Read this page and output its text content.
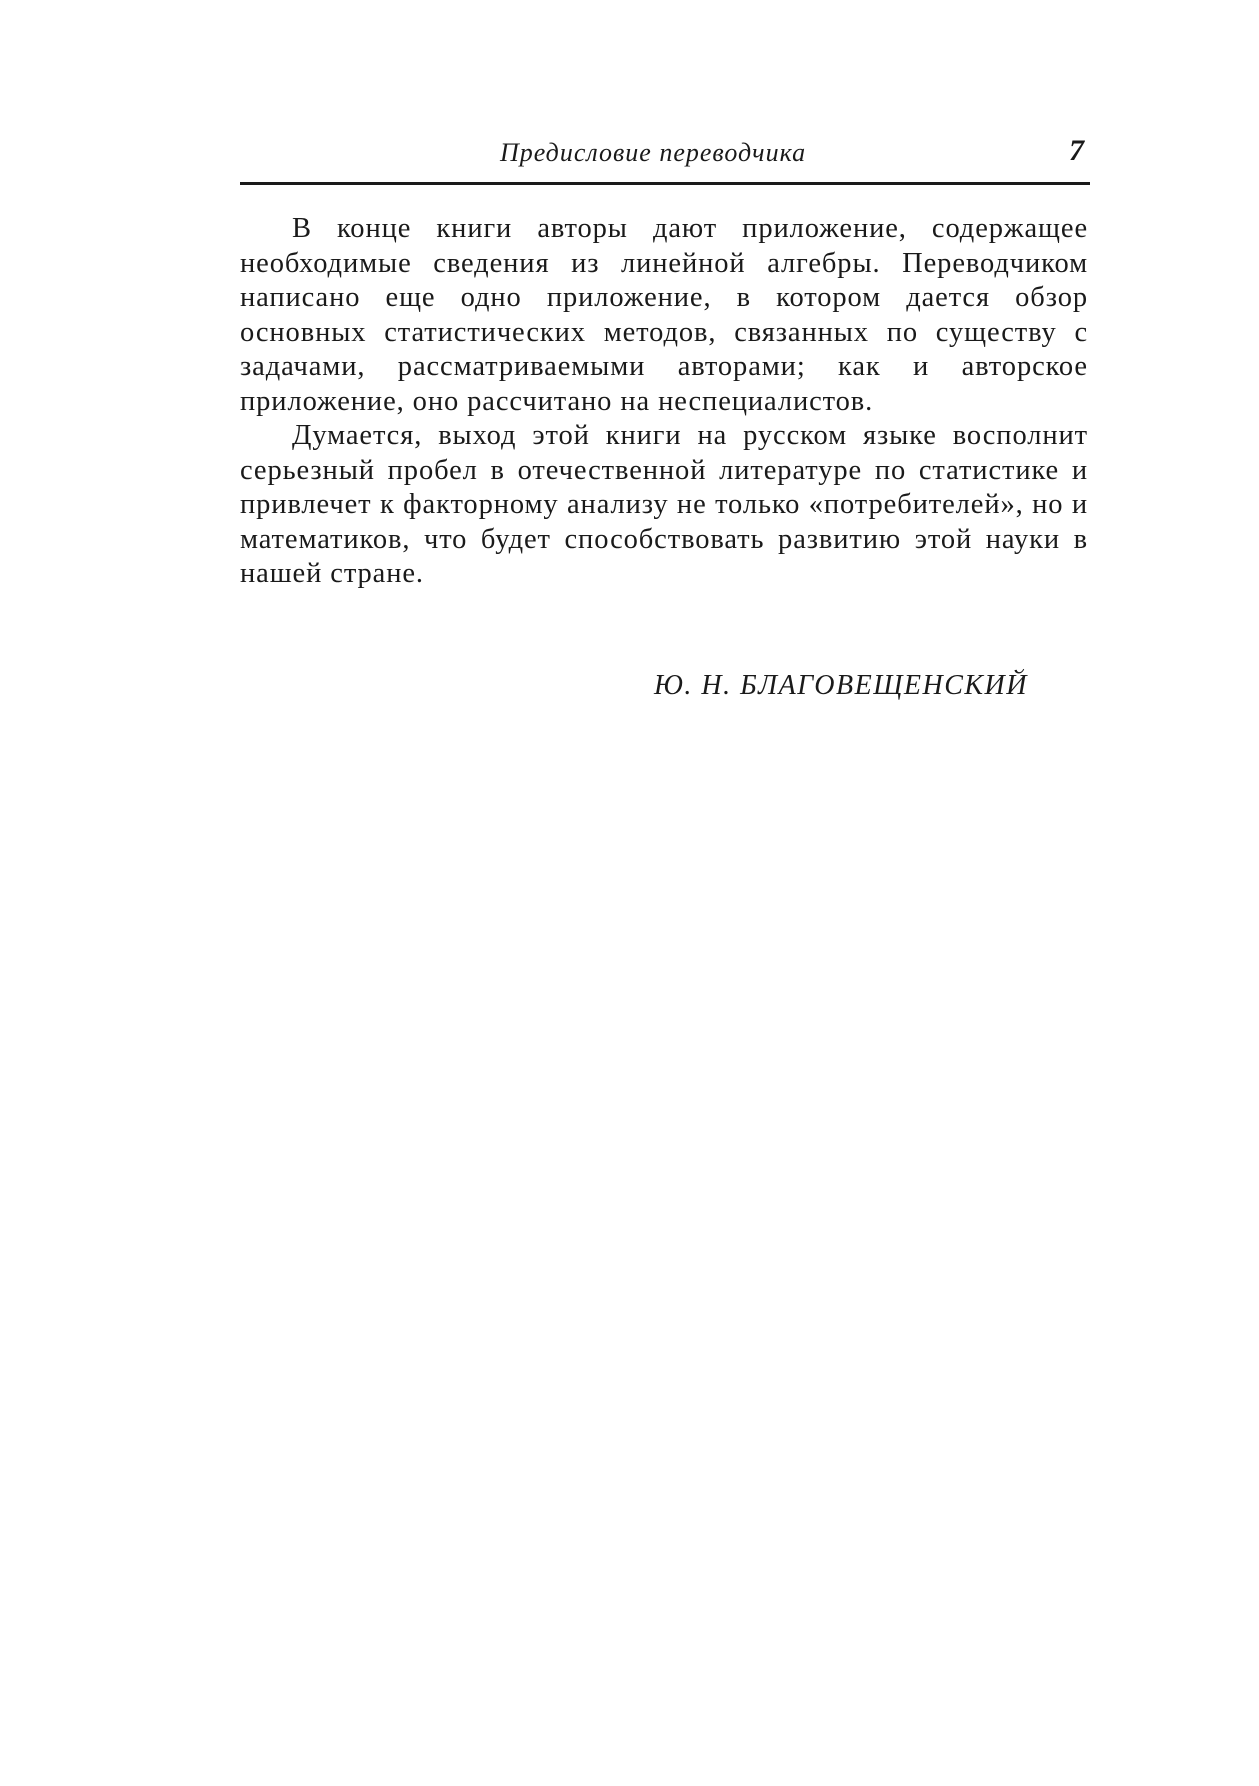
Предисловие переводчика	7

В конце книги авторы дают приложение, содержащее необходимые сведения из линейной алгебры. Переводчиком написано еще одно приложение, в котором дается обзор основных статистических методов, связанных по существу с задачами, рассматриваемыми авторами; как и авторское приложение, оно рассчитано на неспециалистов.

Думается, выход этой книги на русском языке восполнит серьезный пробел в отечественной литературе по статистике и привлечет к факторному анализу не только «потребителей», но и математиков, что будет способствовать развитию этой науки в нашей стране.

Ю. Н. БЛАГОВЕЩЕНСКИЙ
